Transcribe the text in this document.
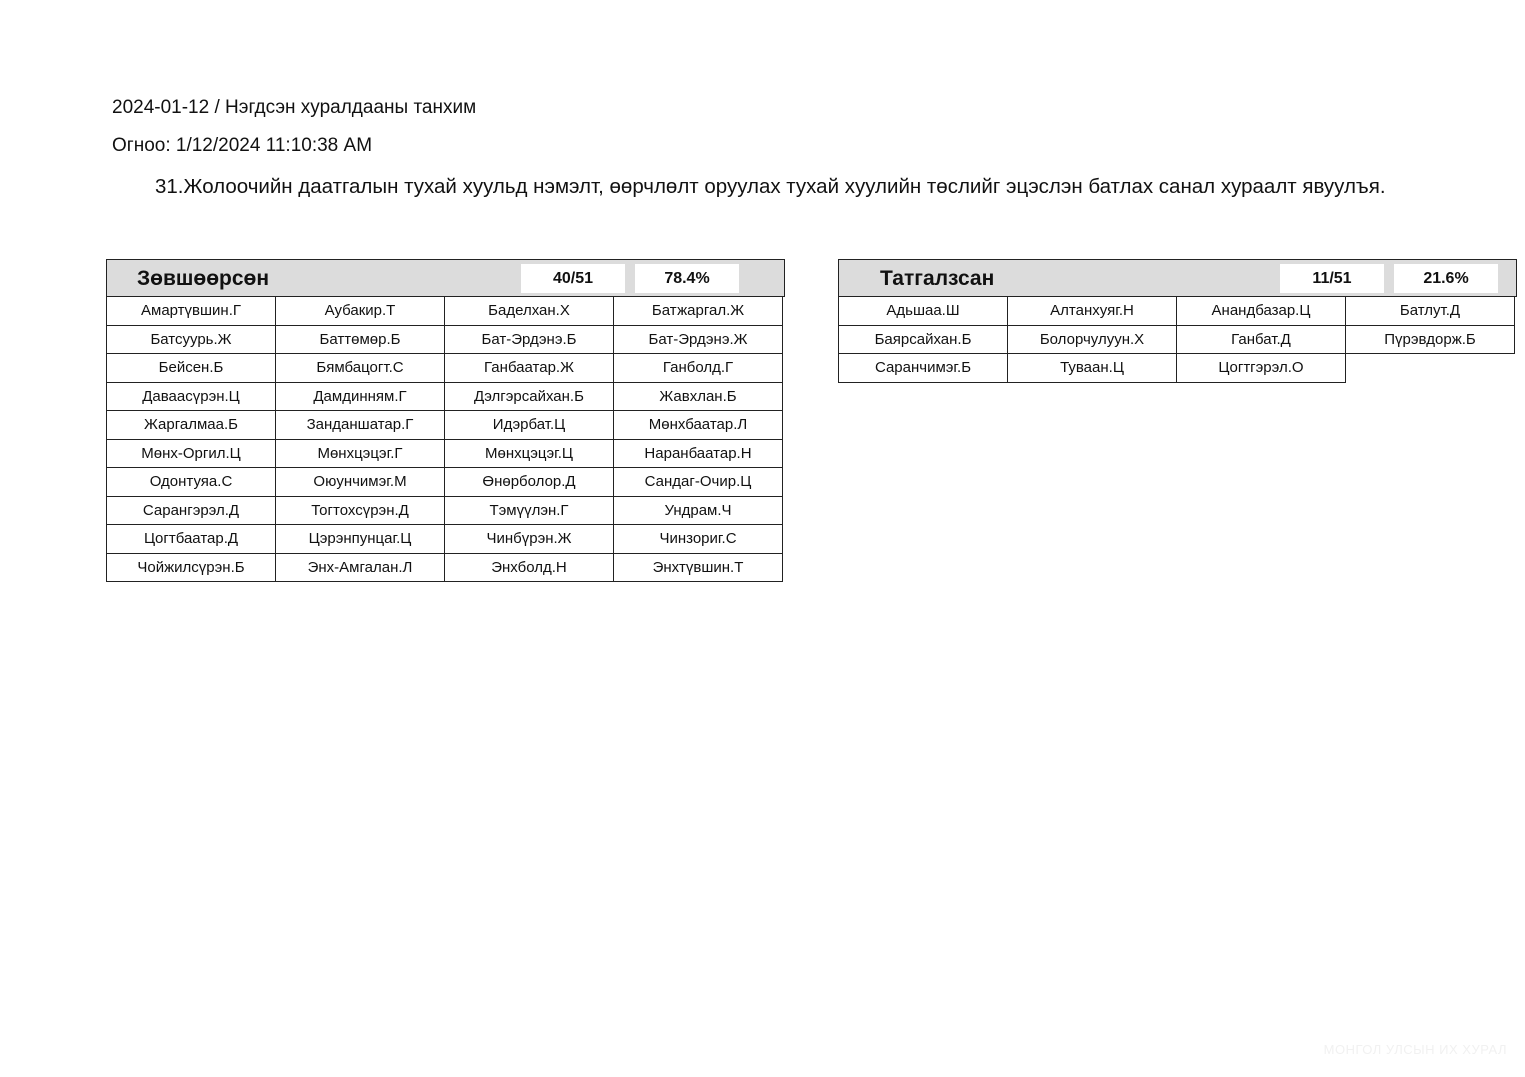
2024-01-12 / Нэгдсэн хуралдааны танхим
Огноо: 1/12/2024 11:10:38 AM
31.Жолоочийн даатгалын тухай хуульд нэмэлт, өөрчлөлт оруулах тухай хуулийн төслийг эцэслэн батлах санал хураалт явуулъя.
Зөвшөөрсөн	40/51	78.4%
Амартүвшин.Г	Аубакир.Т	Баделхан.Х	Батжаргал.Ж
Батсуурь.Ж	Баттөмөр.Б	Бат-Эрдэнэ.Б	Бат-Эрдэнэ.Ж
Бейсен.Б	Бямбацогт.С	Ганбаатар.Ж	Ганболд.Г
Даваасүрэн.Ц	Дамдинням.Г	Дэлгэрсайхан.Б	Жавхлан.Б
Жаргалмаа.Б	Занданшатар.Г	Идэрбат.Ц	Мөнхбаатар.Л
Мөнх-Оргил.Ц	Мөнхцэцэг.Г	Мөнхцэцэг.Ц	Наранбаатар.Н
Одонтуяа.С	Оюунчимэг.М	Өнөрболор.Д	Сандаг-Очир.Ц
Сарангэрэл.Д	Тогтохсүрэн.Д	Тэмүүлэн.Г	Ундрам.Ч
Цогтбаатар.Д	Цэрэнпунцаг.Ц	Чинбүрэн.Ж	Чинзориг.С
Чойжилсүрэн.Б	Энх-Амгалан.Л	Энхболд.Н	Энхтүвшин.Т
Татгалзсан	11/51	21.6%
Адьшаа.Ш	Алтанхуяг.Н	Анандбазар.Ц	Батлут.Д
Баярсайхан.Б	Болорчулуун.Х	Ганбат.Д	Пүрэвдорж.Б
Саранчимэг.Б	Туваан.Ц	Цогтгэрэл.О	
МОНГОЛ УЛСЫН ИХ ХУРАЛ
